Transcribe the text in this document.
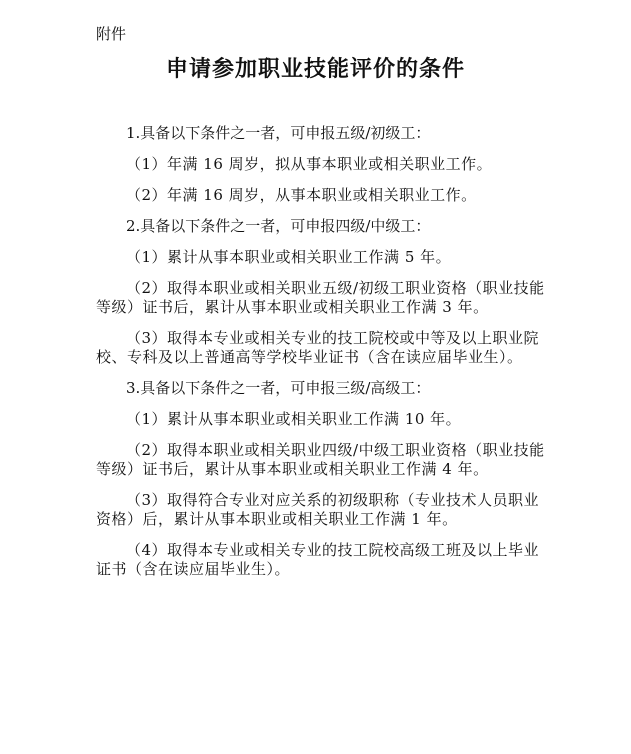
附件
申请参加职业技能评价的条件
1.具备以下条件之一者，可申报五级/初级工：
（1）年满 16 周岁，拟从事本职业或相关职业工作。
（2）年满 16 周岁，从事本职业或相关职业工作。
2.具备以下条件之一者，可申报四级/中级工：
（1）累计从事本职业或相关职业工作满 5 年。
（2）取得本职业或相关职业五级/初级工职业资格（职业技能等级）证书后，累计从事本职业或相关职业工作满 3 年。
（3）取得本专业或相关专业的技工院校或中等及以上职业院校、专科及以上普通高等学校毕业证书（含在读应届毕业生）。
3.具备以下条件之一者，可申报三级/高级工：
（1）累计从事本职业或相关职业工作满 10 年。
（2）取得本职业或相关职业四级/中级工职业资格（职业技能等级）证书后，累计从事本职业或相关职业工作满 4 年。
（3）取得符合专业对应关系的初级职称（专业技术人员职业资格）后，累计从事本职业或相关职业工作满 1 年。
（4）取得本专业或相关专业的技工院校高级工班及以上毕业证书（含在读应届毕业生）。
